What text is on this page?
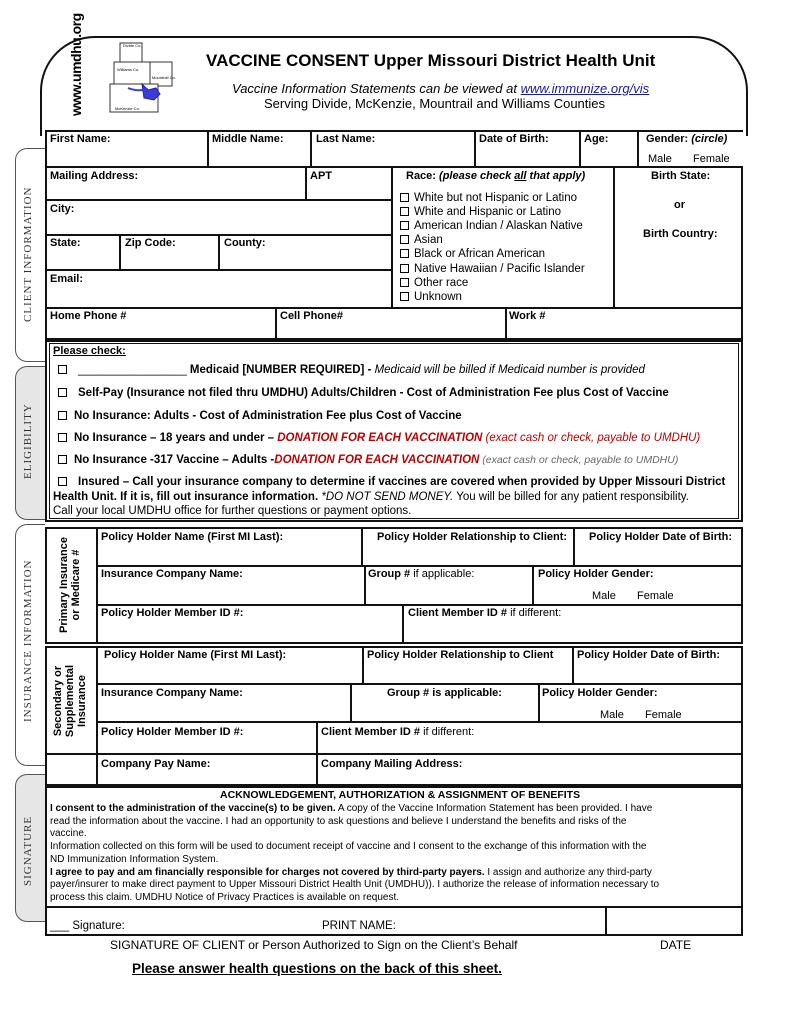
www.umdhu.org	Divide Co.
Williams Co.
Mountrail Co.
McKenzie Co.
VACCINE CONSENT Upper Missouri District Health Unit
Vaccine Information Statements can be viewed at www.immunize.org/vis
Serving Divide, McKenzie, Mountrail and Williams Counties
CLIENT INFORMATION
ELIGIBILITY
INSURANCE INFORMATION
SIGNATURE
First Name:	Middle Name:	Last Name:	Date of Birth:	Age:	Gender: (circle)
Male Female
Mailing Address:	APT
City:
State:	Zip Code:	County:
Email:
Race: (please check all that apply)
White but not Hispanic or Latino
White and Hispanic or Latino
American Indian / Alaskan Native
Asian
Black or African American
Native Hawaiian / Pacific Islander
Other race
Unknown
Birth State:
or
Birth Country:
Home Phone #	Cell Phone#	Work #
Please check:
_________________ Medicaid [NUMBER REQUIRED] - Medicaid will be billed if Medicaid number is provided
Self-Pay (Insurance not filed thru UMDHU) Adults/Children - Cost of Administration Fee plus Cost of Vaccine
No Insurance: Adults - Cost of Administration Fee plus Cost of Vaccine
No Insurance – 18 years and under – DONATION FOR EACH VACCINATION (exact cash or check, payable to UMDHU)
No Insurance -317 Vaccine – Adults -DONATION FOR EACH VACCINATION (exact cash or check, payable to UMDHU)
Insured – Call your insurance company to determine if vaccines are covered when provided by Upper Missouri District
Health Unit. If it is, fill out insurance information. *DO NOT SEND MONEY. You will be billed for any patient responsibility.
Call your local UMDHU office for further questions or payment options.
Primary Insurance or Medicare #
Policy Holder Name (First MI Last):	Policy Holder Relationship to Client: Policy Holder Date of Birth:
Insurance Company Name:	Group # if applicable:	Policy Holder Gender:
Male Female
Policy Holder Member ID #:	Client Member ID # if different:
Secondary or Supplemental Insurance
Policy Holder Name (First MI Last):	Policy Holder Relationship to Client Policy Holder Date of Birth:
Insurance Company Name:	Group # is applicable:	Policy Holder Gender:
Male Female
Policy Holder Member ID #:	Client Member ID # if different:
Company Pay Name:	Company Mailing Address:
ACKNOWLEDGEMENT, AUTHORIZATION & ASSIGNMENT OF BENEFITS
I consent to the administration of the vaccine(s) to be given. A copy of the Vaccine Information Statement has been provided. I have
read the information about the vaccine. I had an opportunity to ask questions and believe I understand the benefits and risks of the
vaccine.
Information collected on this form will be used to document receipt of vaccine and I consent to the exchange of this information with the
ND Immunization Information System.
I agree to pay and am financially responsible for charges not covered by third-party payers. I assign and authorize any third-party
payer/insurer to make direct payment to Upper Missouri District Health Unit (UMDHU)). I authorize the release of information necessary to
process this claim. UMDHU Notice of Privacy Practices is available on request.
___ Signature:	PRINT NAME:
SIGNATURE OF CLIENT or Person Authorized to Sign on the Client’s Behalf	DATE
Please answer health questions on the back of this sheet.
